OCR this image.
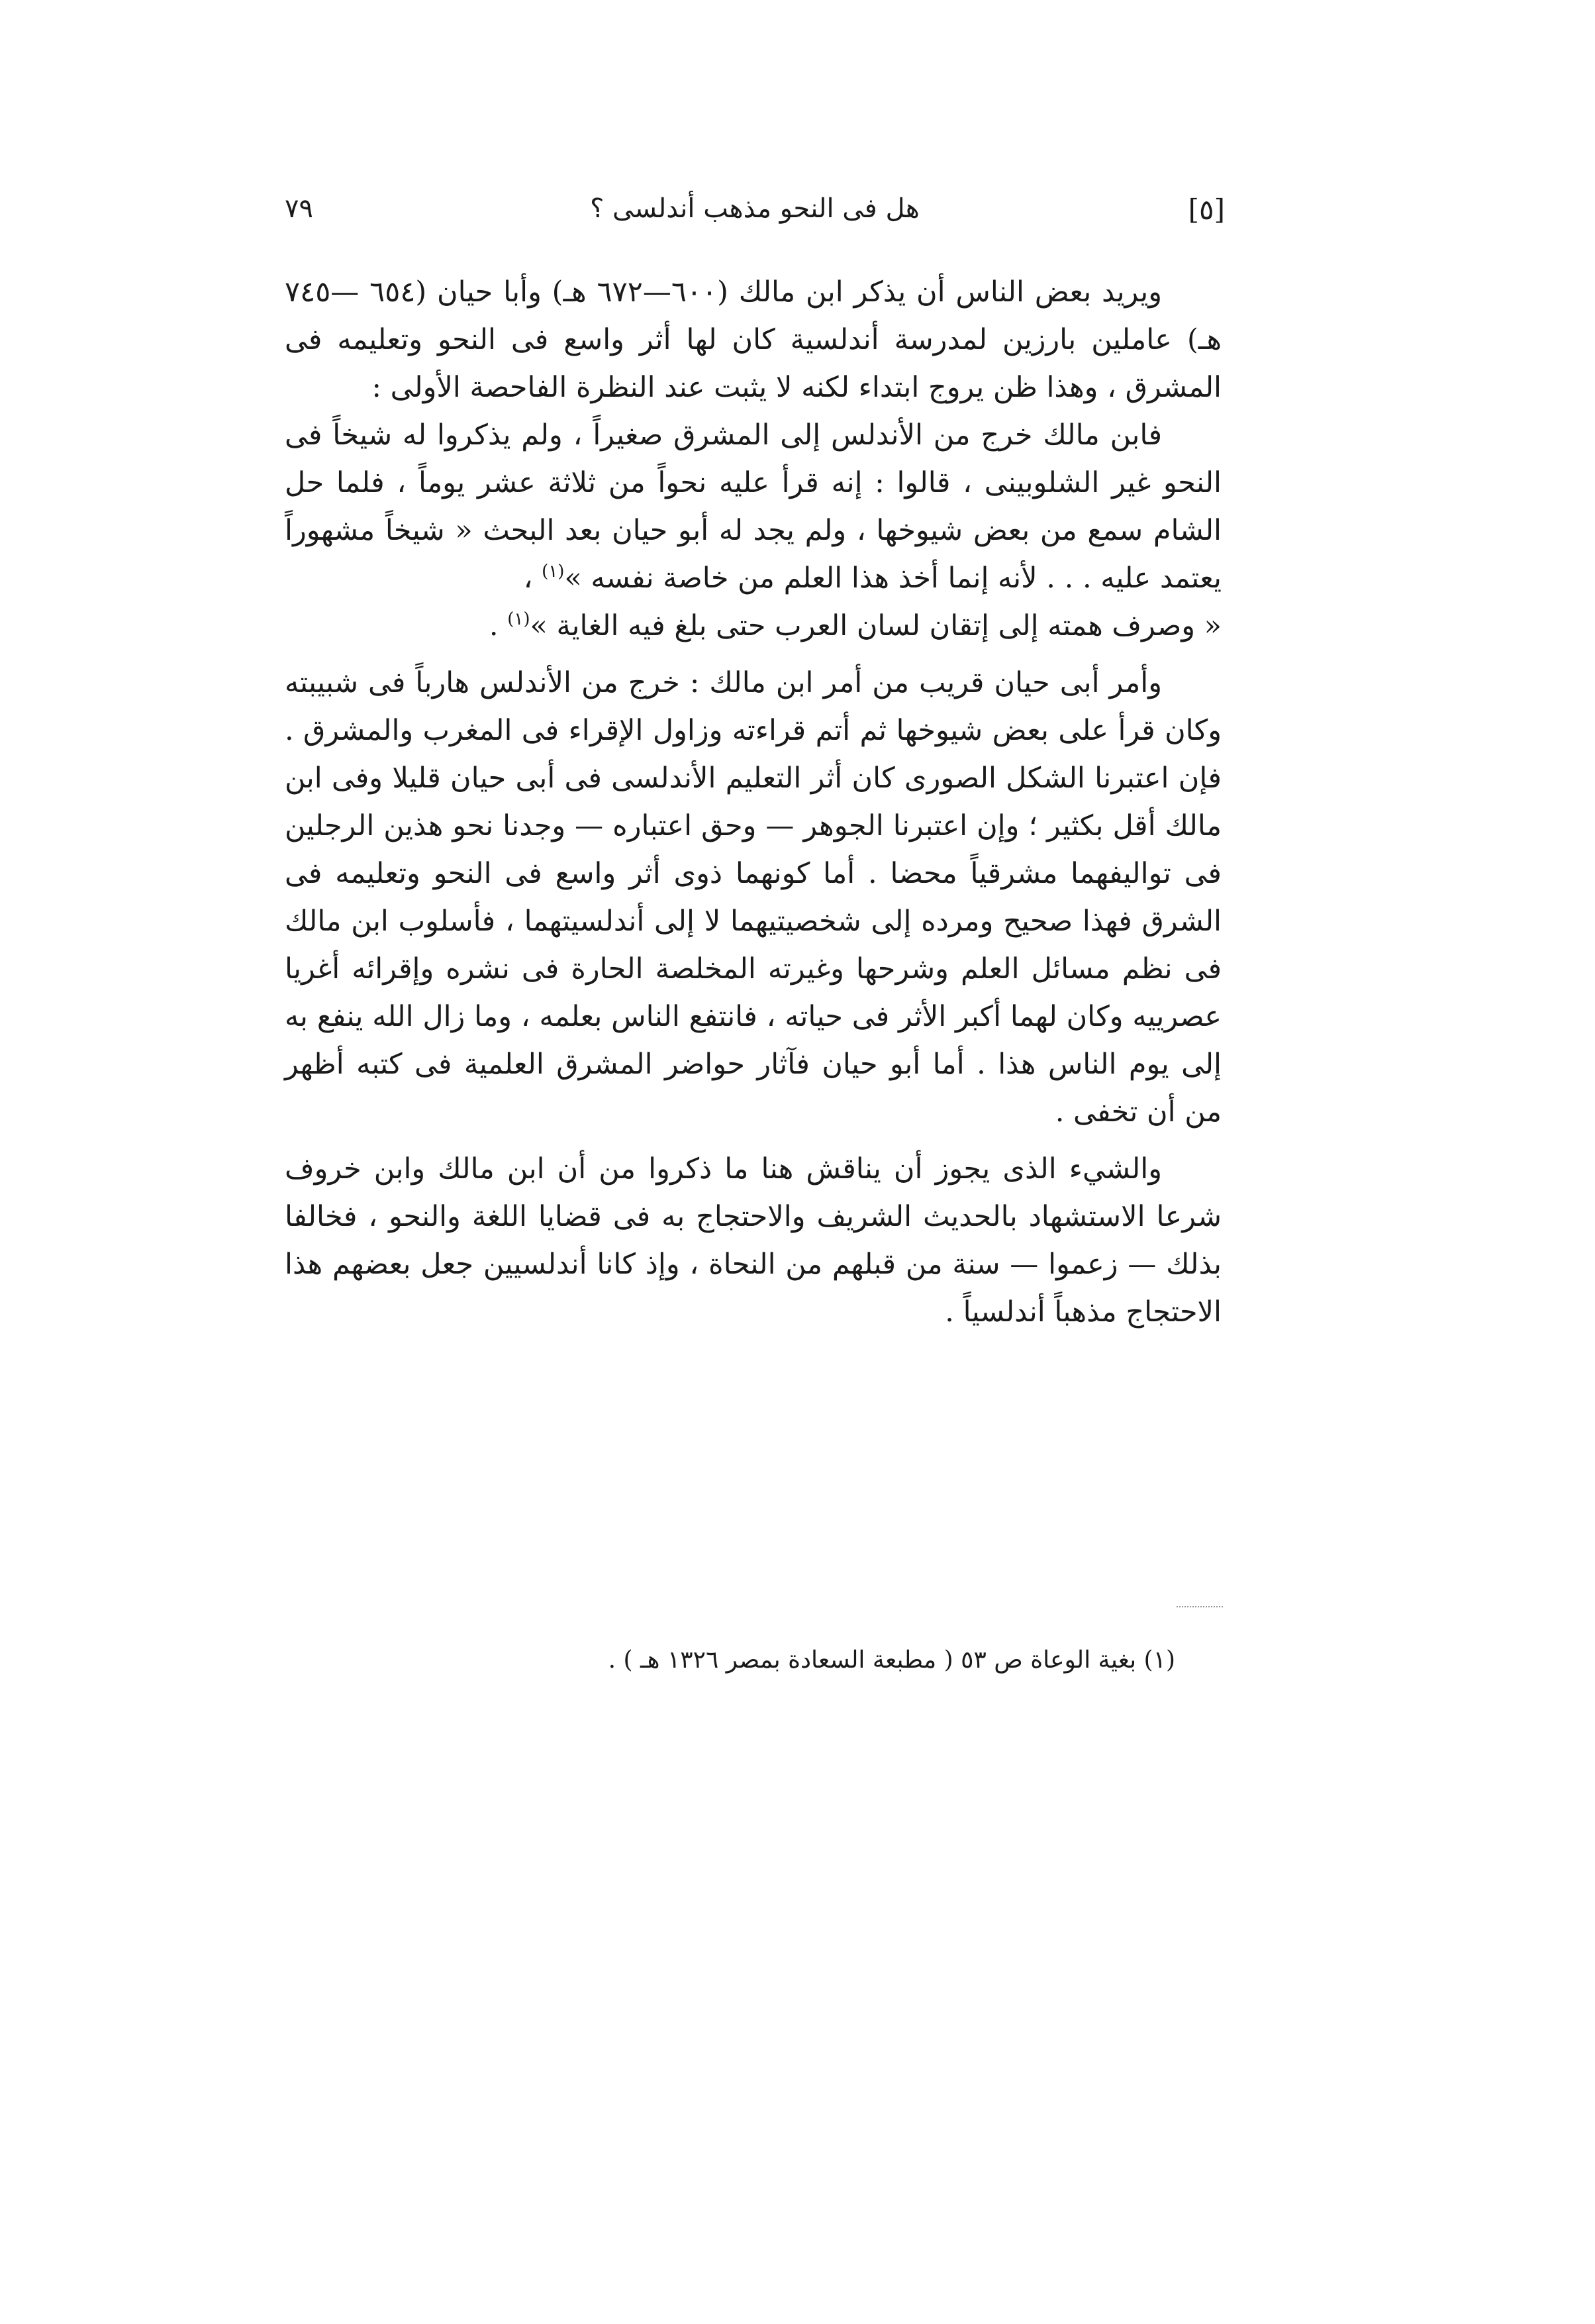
٧٩	هل فى النحو مذهب أندلسى ؟	[٥]

ويريد بعض الناس أن يذكر ابن مالك (٦٠٠—٦٧٢ هـ) وأبا حيان (٦٥٤ —٧٤٥ هـ) عاملين بارزين لمدرسة أندلسية كان لها أثر واسع فى النحو وتعليمه فى المشرق ، وهذا ظن يروج ابتداء لكنه لا يثبت عند النظرة الفاحصة الأولى :

فابن مالك خرج من الأندلس إلى المشرق صغيراً ، ولم يذكروا له شيخاً فى النحو غير الشلوبينى ، قالوا : إنه قرأ عليه نحواً من ثلاثة عشر يوماً ، فلما حل الشام سمع من بعض شيوخها ، ولم يجد له أبو حيان بعد البحث « شيخاً مشهوراً يعتمد عليه . . . لأنه إنما أخذ هذا العلم من خاصة نفسه »$^{(١)}$ ،

« وصرف همته إلى إتقان لسان العرب حتى بلغ فيه الغاية »$^{(١)}$ .

وأمر أبى حيان قريب من أمر ابن مالك : خرج من الأندلس هارباً فى شبيبته وكان قرأ على بعض شيوخها ثم أتم قراءته وزاول الإقراء فى المغرب والمشرق . فإن اعتبرنا الشكل الصورى كان أثر التعليم الأندلسى فى أبى حيان قليلا وفى ابن مالك أقل بكثير ؛ وإن اعتبرنا الجوهر — وحق اعتباره — وجدنا نحو هذين الرجلين فى تواليفهما مشرقياً محضا . أما كونهما ذوى أثر واسع فى النحو وتعليمه فى الشرق فهذا صحيح ومرده إلى شخصيتيهما لا إلى أندلسيتهما ، فأسلوب ابن مالك فى نظم مسائل العلم وشرحها وغيرته المخلصة الحارة فى نشره وإقرائه أغريا عصرييه وكان لهما أكبر الأثر فى حياته ، فانتفع الناس بعلمه ، وما زال الله ينفع به إلى يوم الناس هذا . أما أبو حيان فآثار حواضر المشرق العلمية فى كتبه أظهر من أن تخفى .

والشيء الذى يجوز أن يناقش هنا ما ذكروا من أن ابن مالك وابن خروف شرعا الاستشهاد بالحديث الشريف والاحتجاج به فى قضايا اللغة والنحو ، فخالفا بذلك — زعموا — سنة من قبلهم من النحاة ، وإذ كانا أندلسيين جعل بعضهم هذا الاحتجاج مذهباً أندلسياً .

(١) بغية الوعاة ص ٥٣ ( مطبعة السعادة بمصر ١٣٢٦ هـ ) .
